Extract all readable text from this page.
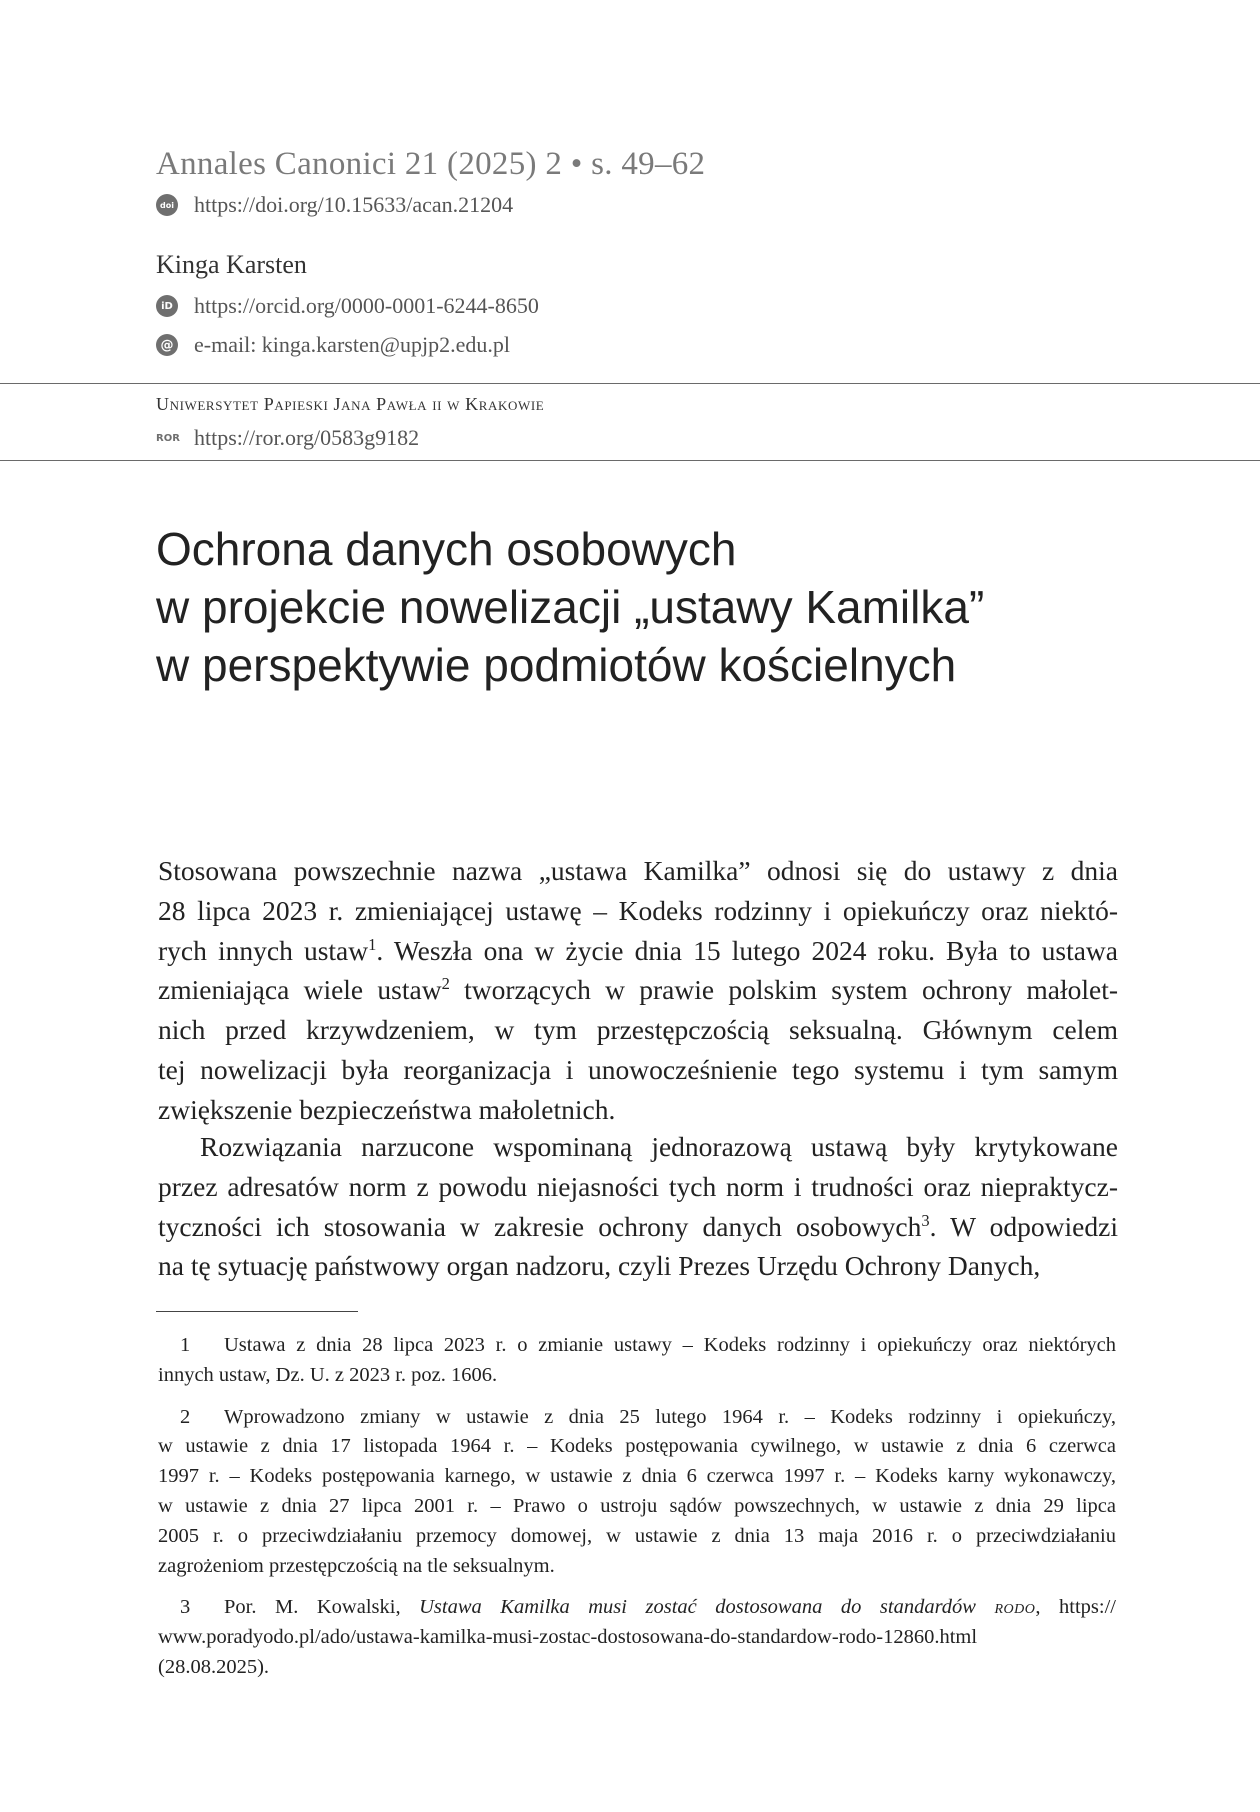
Annales Canonici 21 (2025) 2 • s. 49–62
doi https://doi.org/10.15633/acan.21204
Kinga Karsten
iD https://orcid.org/0000-0001-6244-8650
@ e-mail: kinga.karsten@upjp2.edu.pl
Uniwersytet Papieski Jana Pawła ii w Krakowie
ROR https://ror.org/0583g9182
Ochrona danych osobowych
w projekcie nowelizacji „ustawy Kamilka”
w perspektywie podmiotów kościelnych
Stosowana powszechnie nazwa „ustawa Kamilka” odnosi się do ustawy z dnia
28 lipca 2023 r. zmieniającej ustawę – Kodeks rodzinny i opiekuńczy oraz niektó-
rych innych ustaw$^1$. Weszła ona w życie dnia 15 lutego 2024 roku. Była to ustawa
zmieniająca wiele ustaw$^2$ tworzących w prawie polskim system ochrony małolet-
nich przed krzywdzeniem, w tym przestępczością seksualną. Głównym celem
tej nowelizacji była reorganizacja i unowocześnienie tego systemu i tym samym
zwiększenie bezpieczeństwa małoletnich.
Rozwiązania narzucone wspominaną jednorazową ustawą były krytykowane
przez adresatów norm z powodu niejasności tych norm i trudności oraz niepraktycz-
tyczności ich stosowania w zakresie ochrony danych osobowych$^3$. W odpowiedzi
na tę sytuację państwowy organ nadzoru, czyli Prezes Urzędu Ochrony Danych,
1 Ustawa z dnia 28 lipca 2023 r. o zmianie ustawy – Kodeks rodzinny i opiekuńczy oraz niektórych
innych ustaw, Dz. U. z 2023 r. poz. 1606.
2 Wprowadzono zmiany w ustawie z dnia 25 lutego 1964 r. – Kodeks rodzinny i opiekuńczy,
w ustawie z dnia 17 listopada 1964 r. – Kodeks postępowania cywilnego, w ustawie z dnia 6 czerwca
1997 r. – Kodeks postępowania karnego, w ustawie z dnia 6 czerwca 1997 r. – Kodeks karny wykonawczy,
w ustawie z dnia 27 lipca 2001 r. – Prawo o ustroju sądów powszechnych, w ustawie z dnia 29 lipca
2005 r. o przeciwdziałaniu przemocy domowej, w ustawie z dnia 13 maja 2016 r. o przeciwdziałaniu
zagrożeniom przestępczością na tle seksualnym.
3 Por. M. Kowalski, Ustawa Kamilka musi zostać dostosowana do standardów rodo, https://
www.poradyodo.pl/ado/ustawa-kamilka-musi-zostac-dostosowana-do-standardow-rodo-12860.html
(28.08.2025).
